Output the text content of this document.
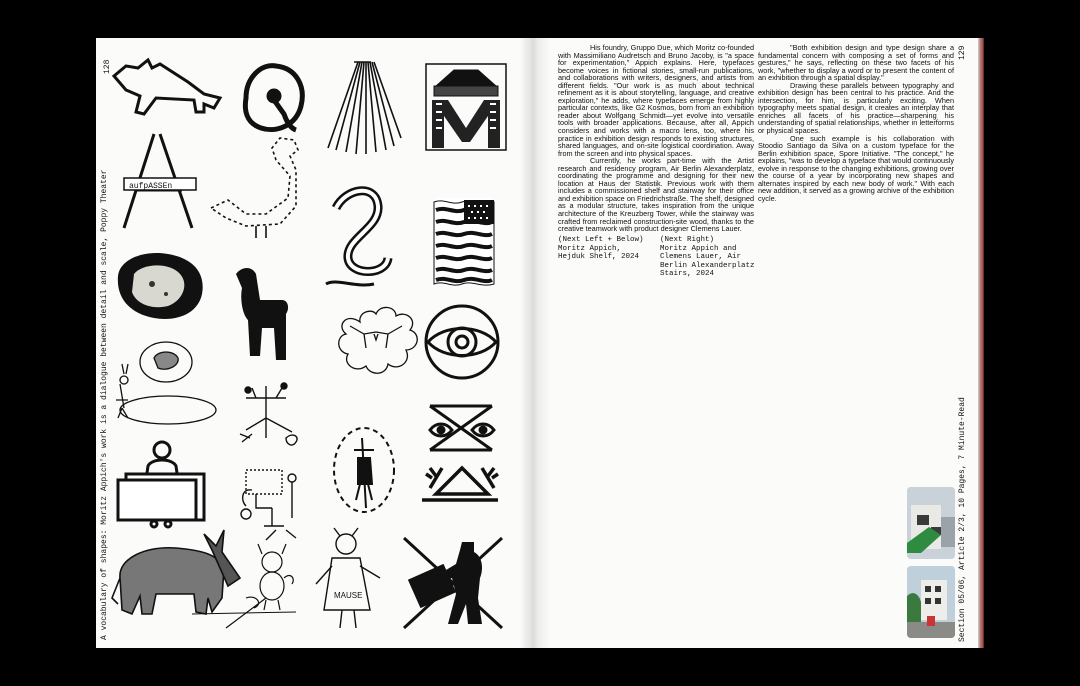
128
A vocabulary of shapes: Moritz Appich's work is a dialogue between detail and scale, Poppy Theater	aufpASSEn
MAUSE

His foundry, Gruppo Due, which Moritz co-founded with Massimiliano Audretsch and Bruno Jacoby, is "a space for experimentation," Appich explains. Here, typefaces become voices in fictional stories, small-run publications, and collaborations with writers, designers, and artists from different fields. "Our work is as much about technical refinement as it is about storytelling, language, and creative exploration," he adds, where typefaces emerge from highly particular contexts, like G2 Kosmos, born from an exhibition reader about Wolfgang Schmidt—yet evolve into versatile tools with broader applications. Because, after all, Appich considers and works with a macro lens, too, where his practice in exhibition design responds to existing structures, shared languages, and on-site logistical coordination. Away from the screen and into physical spaces.

Currently, he works part-time with the Artist research and residency program, Air Berlin Alexanderplatz, coordinating the programme and designing for their new location at Haus der Statistik. Previous work with them includes a commissioned shelf and stairway for their office and exhibition space on Friedrichstraße. The shelf, designed as a modular structure, takes inspiration from the unique architecture of the Kreuzberg Tower, while the stairway was crafted from reclaimed construction-site wood, thanks to the creative teamwork with product designer Clemens Lauer.

"Both exhibition design and type design share a fundamental concern with composing a set of forms and gestures," he says, reflecting on these two facets of his work, "whether to display a word or to present the content of an exhibition through a spatial display."

Drawing these parallels between typography and exhibition design has been central to his practice. And the intersection, for him, is particularly exciting. When typography meets spatial design, it creates an interplay that enriches all facets of his practice—sharpening his understanding of spatial relationships, whether in letterforms or physical spaces.

One such example is his collaboration with Stoodio Santiago da Silva on a custom typeface for the Berlin exhibition space, Spore Initiative. "The concept," he explains, "was to develop a typeface that would continuously evolve in response to the changing exhibitions, growing over the course of a year by incorporating new shapes and alternates inspired by each new body of work." With each new addition, it served as a growing archive of the exhibition cycle.

(Next Left + Below)
Moritz Appich,
Hejduk Shelf, 2024
(Next Right)
Moritz Appich and
Clemens Lauer, Air
Berlin Alexanderplatz
Stairs, 2024
129
Section 05/06, Article 2/3, 10 Pages, 7 Minute-Read
